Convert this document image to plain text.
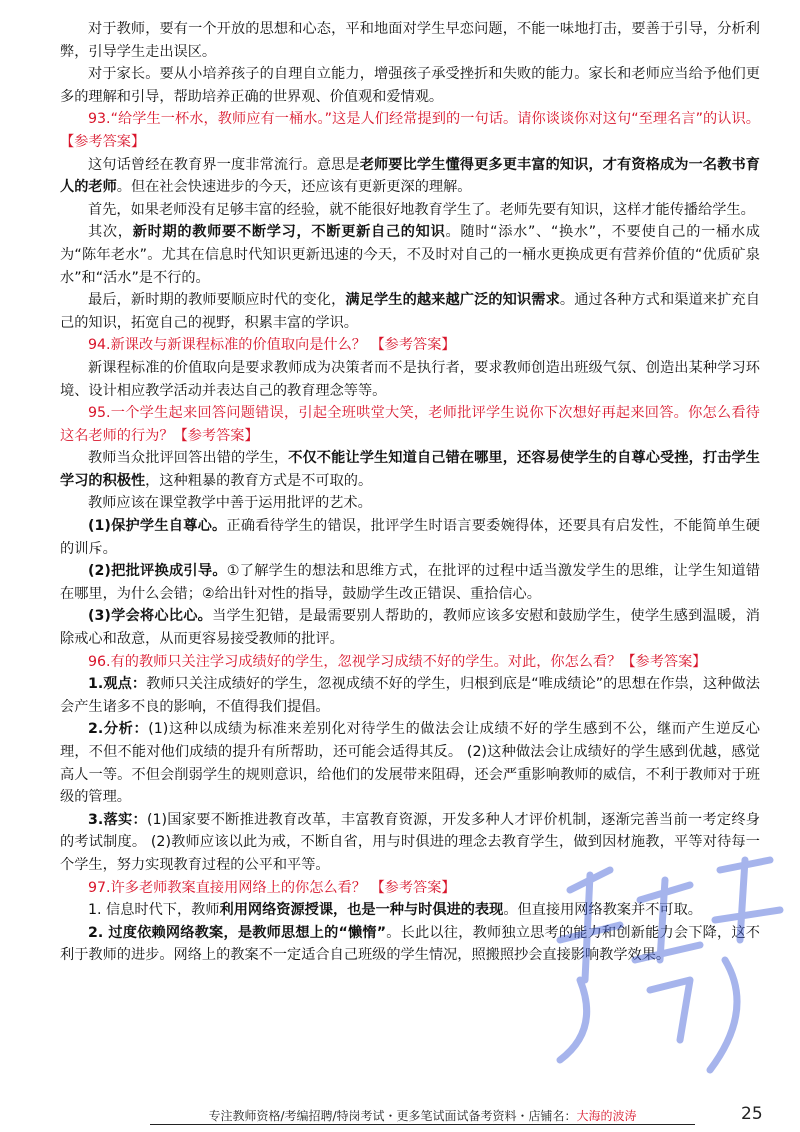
对于教师，要有一个开放的思想和心态，平和地面对学生早恋问题，不能一味地打击，要善于引导，分析利弊，引导学生走出误区。

对于家长。要从小培养孩子的自理自立能力，增强孩子承受挫折和失败的能力。家长和老师应当给予他们更多的理解和引导，帮助培养正确的世界观、价值观和爱情观。

93.“给学生一杯水，教师应有一桶水。”这是人们经常提到的一句话。请你谈谈你对这句“至理名言”的认识。 【参考答案】

这句话曾经在教育界一度非常流行。意思是老师要比学生懂得更多更丰富的知识，才有资格成为一名教书育人的老师。但在社会快速进步的今天，还应该有更新更深的理解。

首先，如果老师没有足够丰富的经验，就不能很好地教育学生了。老师先要有知识，这样才能传播给学生。

其次，新时期的教师要不断学习，不断更新自己的知识。随时“添水”、“换水”，不要使自己的一桶水成为“陈年老水”。尤其在信息时代知识更新迅速的今天，不及时对自己的一桶水更换成更有营养价值的“优质矿泉水”和“活水”是不行的。

最后，新时期的教师要顺应时代的变化，满足学生的越来越广泛的知识需求。通过各种方式和渠道来扩充自己的知识，拓宽自己的视野，积累丰富的学识。

94.新课改与新课程标准的价值取向是什么？ 【参考答案】

新课程标准的价值取向是要求教师成为决策者而不是执行者，要求教师创造出班级气氛、创造出某种学习环境、设计相应教学活动并表达自己的教育理念等等。

95.一个学生起来回答问题错误，引起全班哄堂大笑，老师批评学生说你下次想好再起来回答。你怎么看待这名老师的行为？【参考答案】

教师当众批评回答出错的学生，不仅不能让学生知道自己错在哪里，还容易使学生的自尊心受挫，打击学生学习的积极性，这种粗暴的教育方式是不可取的。

教师应该在课堂教学中善于运用批评的艺术。

(1)保护学生自尊心。正确看待学生的错误，批评学生时语言要委婉得体，还要具有启发性，不能简单生硬的训斥。

(2)把批评换成引导。①了解学生的想法和思维方式，在批评的过程中适当激发学生的思维，让学生知道错在哪里，为什么会错；②给出针对性的指导，鼓励学生改正错误、重拾信心。

(3)学会将心比心。当学生犯错，是最需要别人帮助的，教师应该多安慰和鼓励学生，使学生感到温暖，消除戒心和敌意，从而更容易接受教师的批评。

96.有的教师只关注学习成绩好的学生，忽视学习成绩不好的学生。对此，你怎么看？【参考答案】

1.观点：教师只关注成绩好的学生，忽视成绩不好的学生，归根到底是“唯成绩论”的思想在作祟，这种做法会产生诸多不良的影响，不值得我们提倡。

2.分析：(1)这种以成绩为标准来差别化对待学生的做法会让成绩不好的学生感到不公，继而产生逆反心理，不但不能对他们成绩的提升有所帮助，还可能会适得其反。 (2)这种做法会让成绩好的学生感到优越，感觉高人一等。不但会削弱学生的规则意识，给他们的发展带来阻碍，还会严重影响教师的威信，不利于教师对于班级的管理。

3.落实：(1)国家要不断推进教育改革，丰富教育资源，开发多种人才评价机制，逐渐完善当前一考定终身的考试制度。 (2)教师应该以此为戒，不断自省，用与时俱进的理念去教育学生，做到因材施教，平等对待每一个学生，努力实现教育过程的公平和平等。

97.许多老师教案直接用网络上的你怎么看？ 【参考答案】

1. 信息时代下，教师利用网络资源授课，也是一种与时俱进的表现。但直接用网络教案并不可取。

2. 过度依赖网络教案，是教师思想上的“懒惰”。长此以往，教师独立思考的能力和创新能力会下降，这不利于教师的进步。网络上的教案不一定适合自己班级的学生情况，照搬照抄会直接影响教学效果。

专注教师资格/考编招聘/特岗考试・更多笔试面试备考资料・店铺名：大海的波涛	25
